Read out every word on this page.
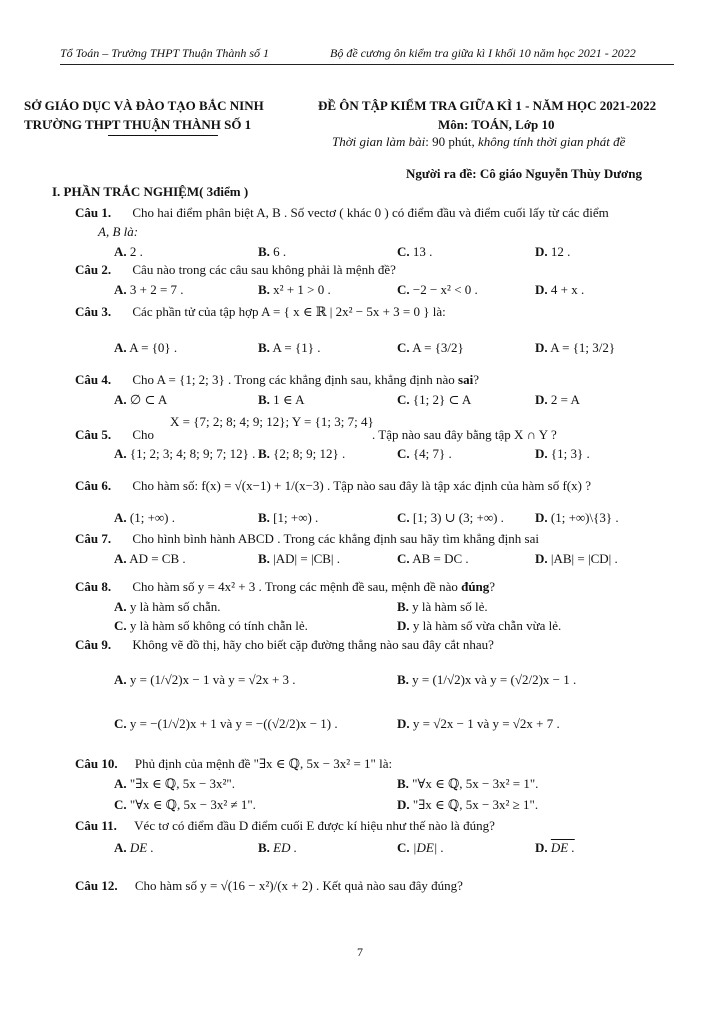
Tổ Toán – Trường THPT Thuận Thành số 1	Bộ đề cương ôn kiểm tra giữa kì I khối 10 năm học 2021 - 2022
SỞ GIÁO DỤC VÀ ĐÀO TẠO BẮC NINH
TRƯỜNG THPT THUẬN THÀNH SỐ 1
ĐỀ ÔN TẬP KIỂM TRA GIỮA KÌ 1 - NĂM HỌC 2021-2022
Môn: TOÁN, Lớp 10
Thời gian làm bài: 90 phút, không tính thời gian phát đề
Người ra đề: Cô giáo Nguyễn Thùy Dương
I. PHẦN TRẮC NGHIỆM( 3điểm )
Câu 1. Cho hai điểm phân biệt A, B . Số vectơ ( khác 0 ) có điểm đầu và điểm cuối lấy từ các điểm
A, B là:
A. 2 .	B. 6 .	C. 13 .	D. 12 .
Câu 2. Câu nào trong các câu sau không phải là mệnh đề?
A. 3 + 2 = 7 .	B. x² + 1 > 0 .	C. −2 − x² < 0 .	D. 4 + x .
Câu 3. Các phần tử của tập hợp A = { x ∈ ℝ | 2x² − 5x + 3 = 0 } là:
A. A = {0} .	B. A = {1} .	C. A = {3/2}	D. A = {1; 3/2}
Câu 4. Cho A = {1; 2; 3} . Trong các khẳng định sau, khẳng định nào sai?
A. ∅ ⊂ A	B. 1 ∈ A	C. {1; 2} ⊂ A	D. 2 = A
Câu 5. Cho
X = {7; 2; 8; 4; 9; 12}; Y = {1; 3; 7; 4}
. Tập nào sau đây bằng tập X ∩ Y ?
A. {1; 2; 3; 4; 8; 9; 7; 12} . B. {2; 8; 9; 12} .	C. {4; 7} .	D. {1; 3} .
Câu 6. Cho hàm số: f(x) = √(x−1) + 1/(x−3) . Tập nào sau đây là tập xác định của hàm số f(x) ?
A. (1; +∞) .	B. [1; +∞) .	C. [1; 3) ∪ (3; +∞) . D. (1; +∞)\{3} .
Câu 7. Cho hình bình hành ABCD . Trong các khẳng định sau hãy tìm khẳng định sai
A. AD = CB .	B. |AD| = |CB| .	C. AB = DC .	D. |AB| = |CD| .
Câu 8. Cho hàm số y = 4x² + 3 . Trong các mệnh đề sau, mệnh đề nào đúng?
A. y là hàm số chẵn.	B. y là hàm số lẻ.
C. y là hàm số không có tính chẵn lẻ.	D. y là hàm số vừa chẵn vừa lẻ.
Câu 9. Không vẽ đồ thị, hãy cho biết cặp đường thẳng nào sau đây cắt nhau?
A. y = (1/√2)x − 1 và y = √2x + 3 .	B. y = (1/√2)x và y = (√2/2)x − 1 .
C. y = −(1/√2)x + 1 và y = −((√2/2)x − 1) .	D. y = √2x − 1 và y = √2x + 7 .
Câu 10. Phủ định của mệnh đề "∃x ∈ ℚ, 5x − 3x² = 1" là:
A. "∃x ∈ ℚ, 5x − 3x²".	B. "∀x ∈ ℚ, 5x − 3x² = 1".
C. "∀x ∈ ℚ, 5x − 3x² ≠ 1".	D. "∃x ∈ ℚ, 5x − 3x² ≥ 1".
Câu 11. Véc tơ có điểm đầu D điểm cuối E được kí hiệu như thế nào là đúng?
A. DE .	B. ED .	C. |DE| .	D. DE .
Câu 12. Cho hàm số y = √(16 − x²)/(x + 2) . Kết quả nào sau đây đúng?
7
